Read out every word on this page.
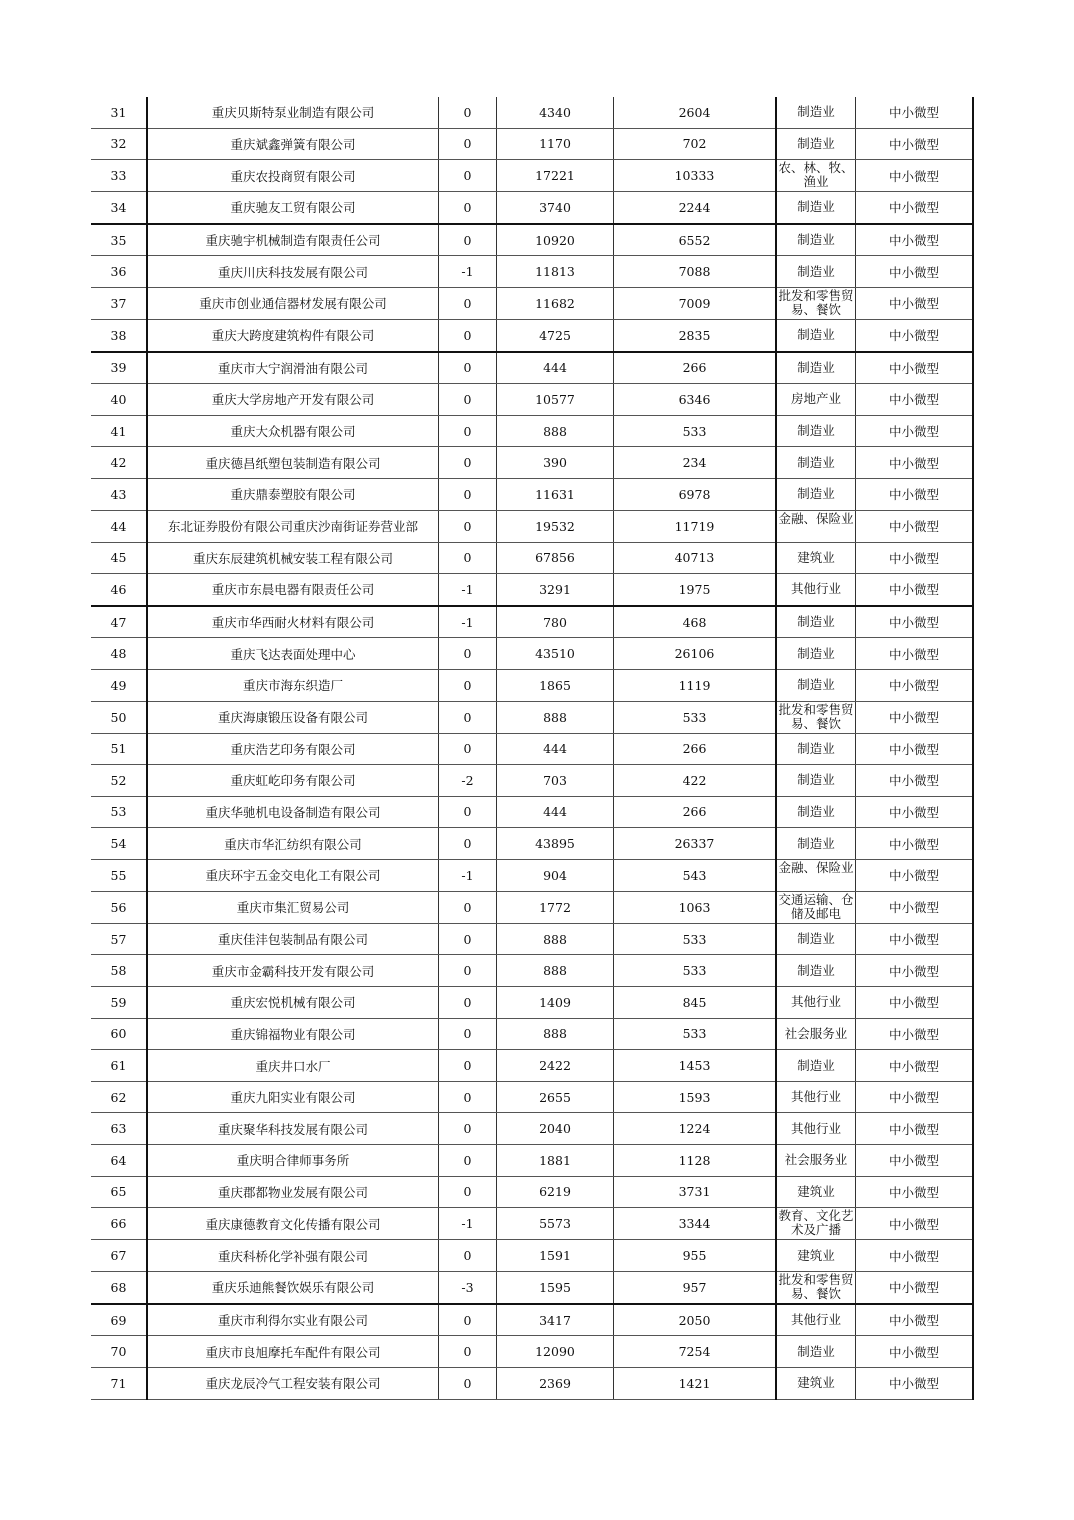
31	重庆贝斯特泵业制造有限公司	0	4340	2604	制造业	中小微型
32	重庆斌鑫弹簧有限公司	0	1170	702	制造业	中小微型
33	重庆农投商贸有限公司	0	17221	10333	农、林、牧、渔业	中小微型
34	重庆驰友工贸有限公司	0	3740	2244	制造业	中小微型
35	重庆驰宇机械制造有限责任公司	0	10920	6552	制造业	中小微型
36	重庆川庆科技发展有限公司	-1	11813	7088	制造业	中小微型
37	重庆市创业通信器材发展有限公司	0	11682	7009	批发和零售贸易、餐饮	中小微型
38	重庆大跨度建筑构件有限公司	0	4725	2835	制造业	中小微型
39	重庆市大宁润滑油有限公司	0	444	266	制造业	中小微型
40	重庆大学房地产开发有限公司	0	10577	6346	房地产业	中小微型
41	重庆大众机器有限公司	0	888	533	制造业	中小微型
42	重庆德昌纸塑包装制造有限公司	0	390	234	制造业	中小微型
43	重庆鼎泰塑胶有限公司	0	11631	6978	制造业	中小微型
44	东北证券股份有限公司重庆沙南街证券营业部	0	19532	11719	金融、保险业	中小微型
45	重庆东辰建筑机械安装工程有限公司	0	67856	40713	建筑业	中小微型
46	重庆市东晨电器有限责任公司	-1	3291	1975	其他行业	中小微型
47	重庆市华西耐火材料有限公司	-1	780	468	制造业	中小微型
48	重庆飞达表面处理中心	0	43510	26106	制造业	中小微型
49	重庆市海东织造厂	0	1865	1119	制造业	中小微型
50	重庆海康锻压设备有限公司	0	888	533	批发和零售贸易、餐饮	中小微型
51	重庆浩艺印务有限公司	0	444	266	制造业	中小微型
52	重庆虹屹印务有限公司	-2	703	422	制造业	中小微型
53	重庆华驰机电设备制造有限公司	0	444	266	制造业	中小微型
54	重庆市华汇纺织有限公司	0	43895	26337	制造业	中小微型
55	重庆环宇五金交电化工有限公司	-1	904	543	金融、保险业	中小微型
56	重庆市集汇贸易公司	0	1772	1063	交通运输、仓储及邮电	中小微型
57	重庆佳沣包装制品有限公司	0	888	533	制造业	中小微型
58	重庆市金霸科技开发有限公司	0	888	533	制造业	中小微型
59	重庆宏悦机械有限公司	0	1409	845	其他行业	中小微型
60	重庆锦福物业有限公司	0	888	533	社会服务业	中小微型
61	重庆井口水厂	0	2422	1453	制造业	中小微型
62	重庆九阳实业有限公司	0	2655	1593	其他行业	中小微型
63	重庆聚华科技发展有限公司	0	2040	1224	其他行业	中小微型
64	重庆明合律师事务所	0	1881	1128	社会服务业	中小微型
65	重庆郡都物业发展有限公司	0	6219	3731	建筑业	中小微型
66	重庆康德教育文化传播有限公司	-1	5573	3344	教育、文化艺术及广播	中小微型
67	重庆科桥化学补强有限公司	0	1591	955	建筑业	中小微型
68	重庆乐迪熊餐饮娱乐有限公司	-3	1595	957	批发和零售贸易、餐饮	中小微型
69	重庆市利得尔实业有限公司	0	3417	2050	其他行业	中小微型
70	重庆市良旭摩托车配件有限公司	0	12090	7254	制造业	中小微型
71	重庆龙辰冷气工程安装有限公司	0	2369	1421	建筑业	中小微型
